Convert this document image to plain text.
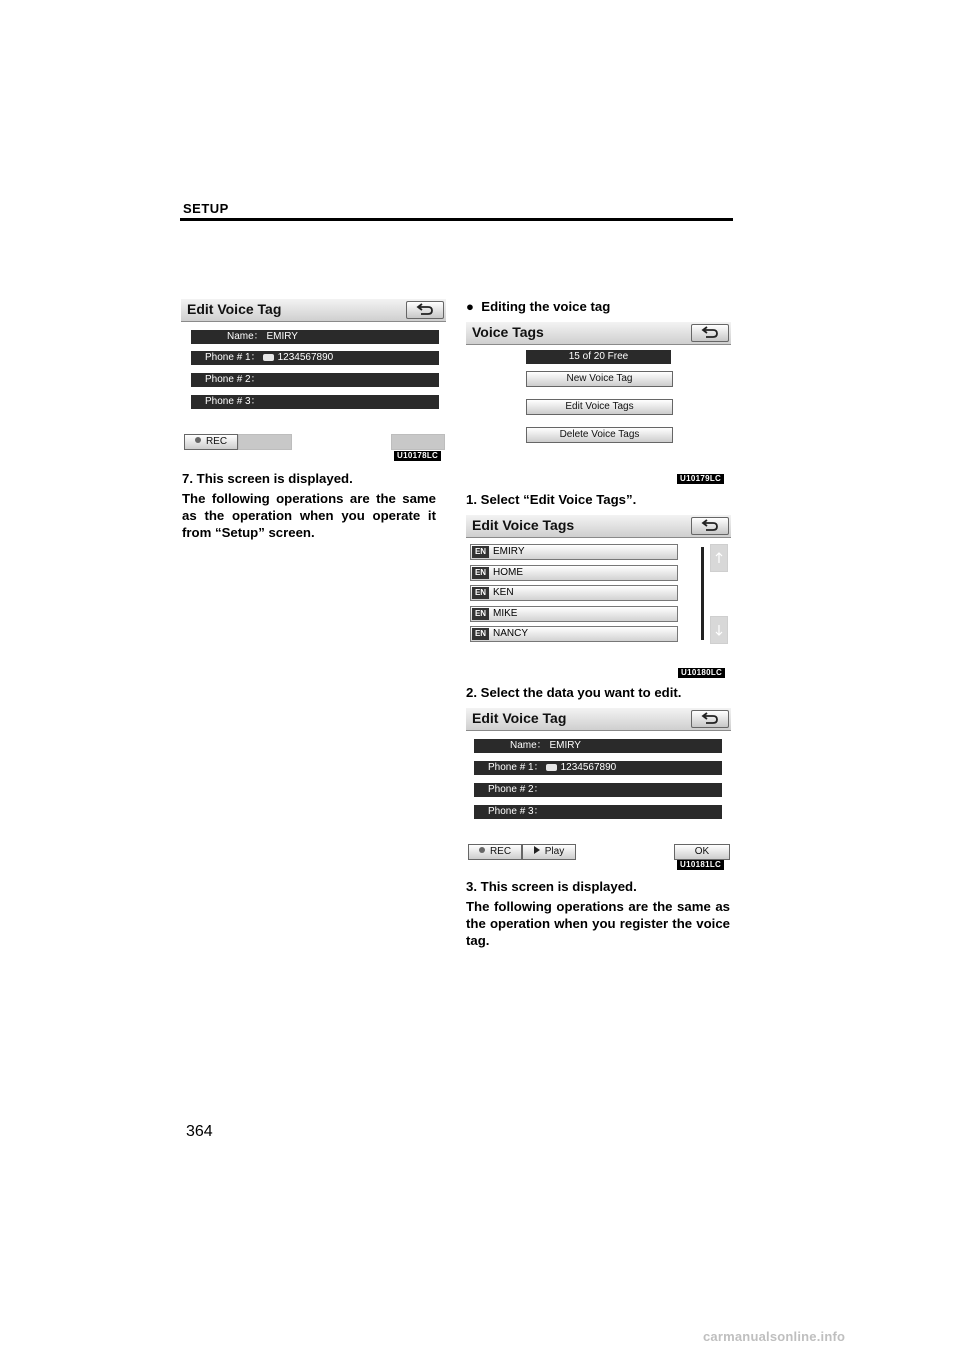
SETUP
Edit Voice Tag
Name： EMIRY
Phone # 1： 1234567890
Phone # 2：
Phone # 3：
REC
U10178LC
7. This screen is displayed.
The following operations are the same as the operation when you operate it from “Setup” screen.
● Editing the voice tag
Voice Tags
15 of 20 Free
New Voice Tag
Edit Voice Tags
Delete Voice Tags
U10179LC
1. Select “Edit Voice Tags”.
Edit Voice Tags
EN EMIRY
EN HOME
EN KEN
EN MIKE
EN NANCY
U10180LC
2. Select the data you want to edit.
Edit Voice Tag
Name： EMIRY
Phone # 1： 1234567890
Phone # 2：
Phone # 3：
REC	Play	OK
U10181LC
3. This screen is displayed.
The following operations are the same as the operation when you register the voice tag.
364
carmanualsonline.info
